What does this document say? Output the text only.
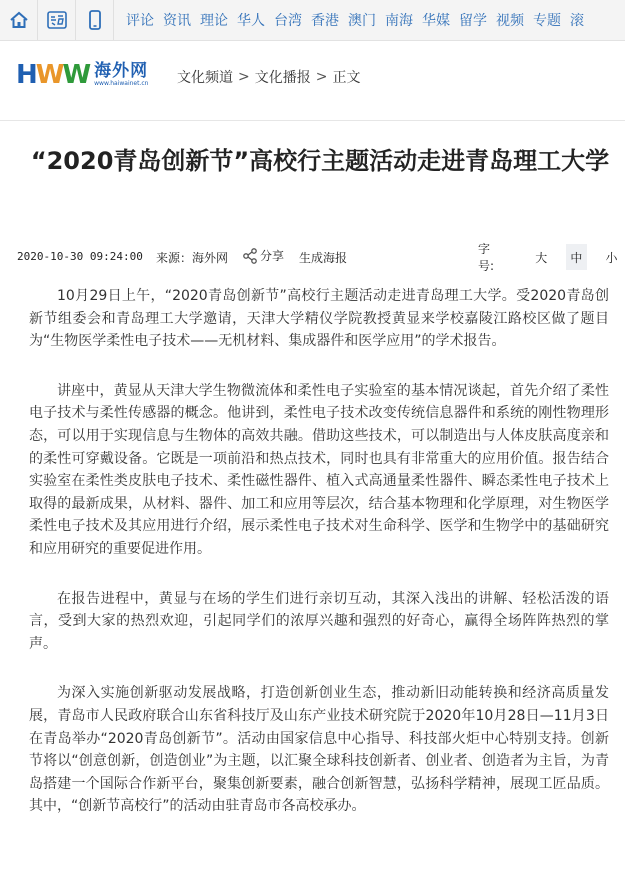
评论 资讯 理论 华人 台湾 香港 澳门 南海 华媒 留学 视频 专题 滚
HWW 海外网
www.haiwainet.cn 文化频道 > 文化播报 > 正文
“2020青岛创新节”高校行主题活动走进青岛理工大学
2020-10-30 09:24:00 来源：海外网	分享 生成海报
字号:
大	中	小

10月29日上午，“2020青岛创新节”高校行主题活动走进青岛理工大学。受2020青岛创新节组委会和青岛理工大学邀请，天津大学精仪学院教授黄显来学校嘉陵江路校区做了题目为“生物医学柔性电子技术——无机材料、集成器件和医学应用”的学术报告。

讲座中，黄显从天津大学生物微流体和柔性电子实验室的基本情况谈起，首先介绍了柔性电子技术与柔性传感器的概念。他讲到，柔性电子技术改变传统信息器件和系统的刚性物理形态，可以用于实现信息与生物体的高效共融。借助这些技术，可以制造出与人体皮肤高度亲和的柔性可穿戴设备。它既是一项前沿和热点技术，同时也具有非常重大的应用价值。报告结合实验室在柔性类皮肤电子技术、柔性磁性器件、植入式高通量柔性器件、瞬态柔性电子技术上取得的最新成果，从材料、器件、加工和应用等层次，结合基本物理和化学原理，对生物医学柔性电子技术及其应用进行介绍，展示柔性电子技术对生命科学、医学和生物学中的基础研究和应用研究的重要促进作用。

在报告进程中，黄显与在场的学生们进行亲切互动，其深入浅出的讲解、轻松活泼的语言，受到大家的热烈欢迎，引起同学们的浓厚兴趣和强烈的好奇心，赢得全场阵阵热烈的掌声。

为深入实施创新驱动发展战略，打造创新创业生态，推动新旧动能转换和经济高质量发展，青岛市人民政府联合山东省科技厅及山东产业技术研究院于2020年10月28日—11月3日在青岛举办“2020青岛创新节”。活动由国家信息中心指导、科技部火炬中心特别支持。创新节将以“创意创新，创造创业”为主题，以汇聚全球科技创新者、创业者、创造者为主旨，为青岛搭建一个国际合作新平台，聚集创新要素，融合创新智慧，弘扬科学精神，展现工匠品质。其中，“创新节高校行”的活动由驻青岛市各高校承办。
